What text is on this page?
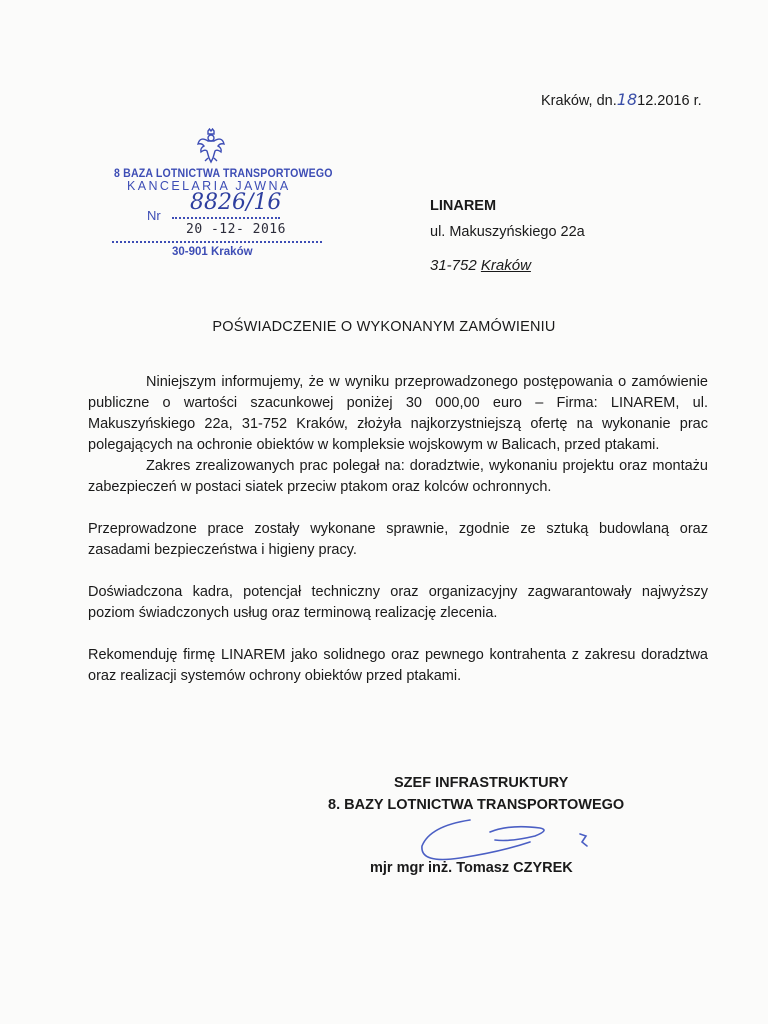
Kraków, dn.1812.2016 r.
8 BAZA LOTNICTWA TRANSPORTOWEGO
KANCELARIA JAWNA
Nr
8826/16
20 -12- 2016
30-901 Kraków
LINAREM
ul. Makuszyńskiego 22a
31-752 Kraków
POŚWIADCZENIE O WYKONANYM ZAMÓWIENIU

Niniejszym informujemy, że w wyniku przeprowadzonego postępowania o zamówienie publiczne o wartości szacunkowej poniżej 30 000,00 euro – Firma: LINAREM, ul. Makuszyńskiego 22a, 31-752 Kraków, złożyła najkorzystniejszą ofertę na wykonanie prac polegających na ochronie obiektów w kompleksie wojskowym w Balicach, przed ptakami.

Zakres zrealizowanych prac polegał na: doradztwie, wykonaniu projektu oraz montażu zabezpieczeń w postaci siatek przeciw ptakom oraz kolców ochronnych.

Przeprowadzone prace zostały wykonane sprawnie, zgodnie ze sztuką budowlaną oraz zasadami bezpieczeństwa i higieny pracy.

Doświadczona kadra, potencjał techniczny oraz organizacyjny zagwarantowały najwyższy poziom świadczonych usług oraz terminową realizację zlecenia.

Rekomenduję firmę LINAREM jako solidnego oraz pewnego kontrahenta z zakresu doradztwa oraz realizacji systemów ochrony obiektów przed ptakami.

SZEF INFRASTRUKTURY
8. BAZY LOTNICTWA TRANSPORTOWEGO
mjr mgr inż. Tomasz CZYREK
